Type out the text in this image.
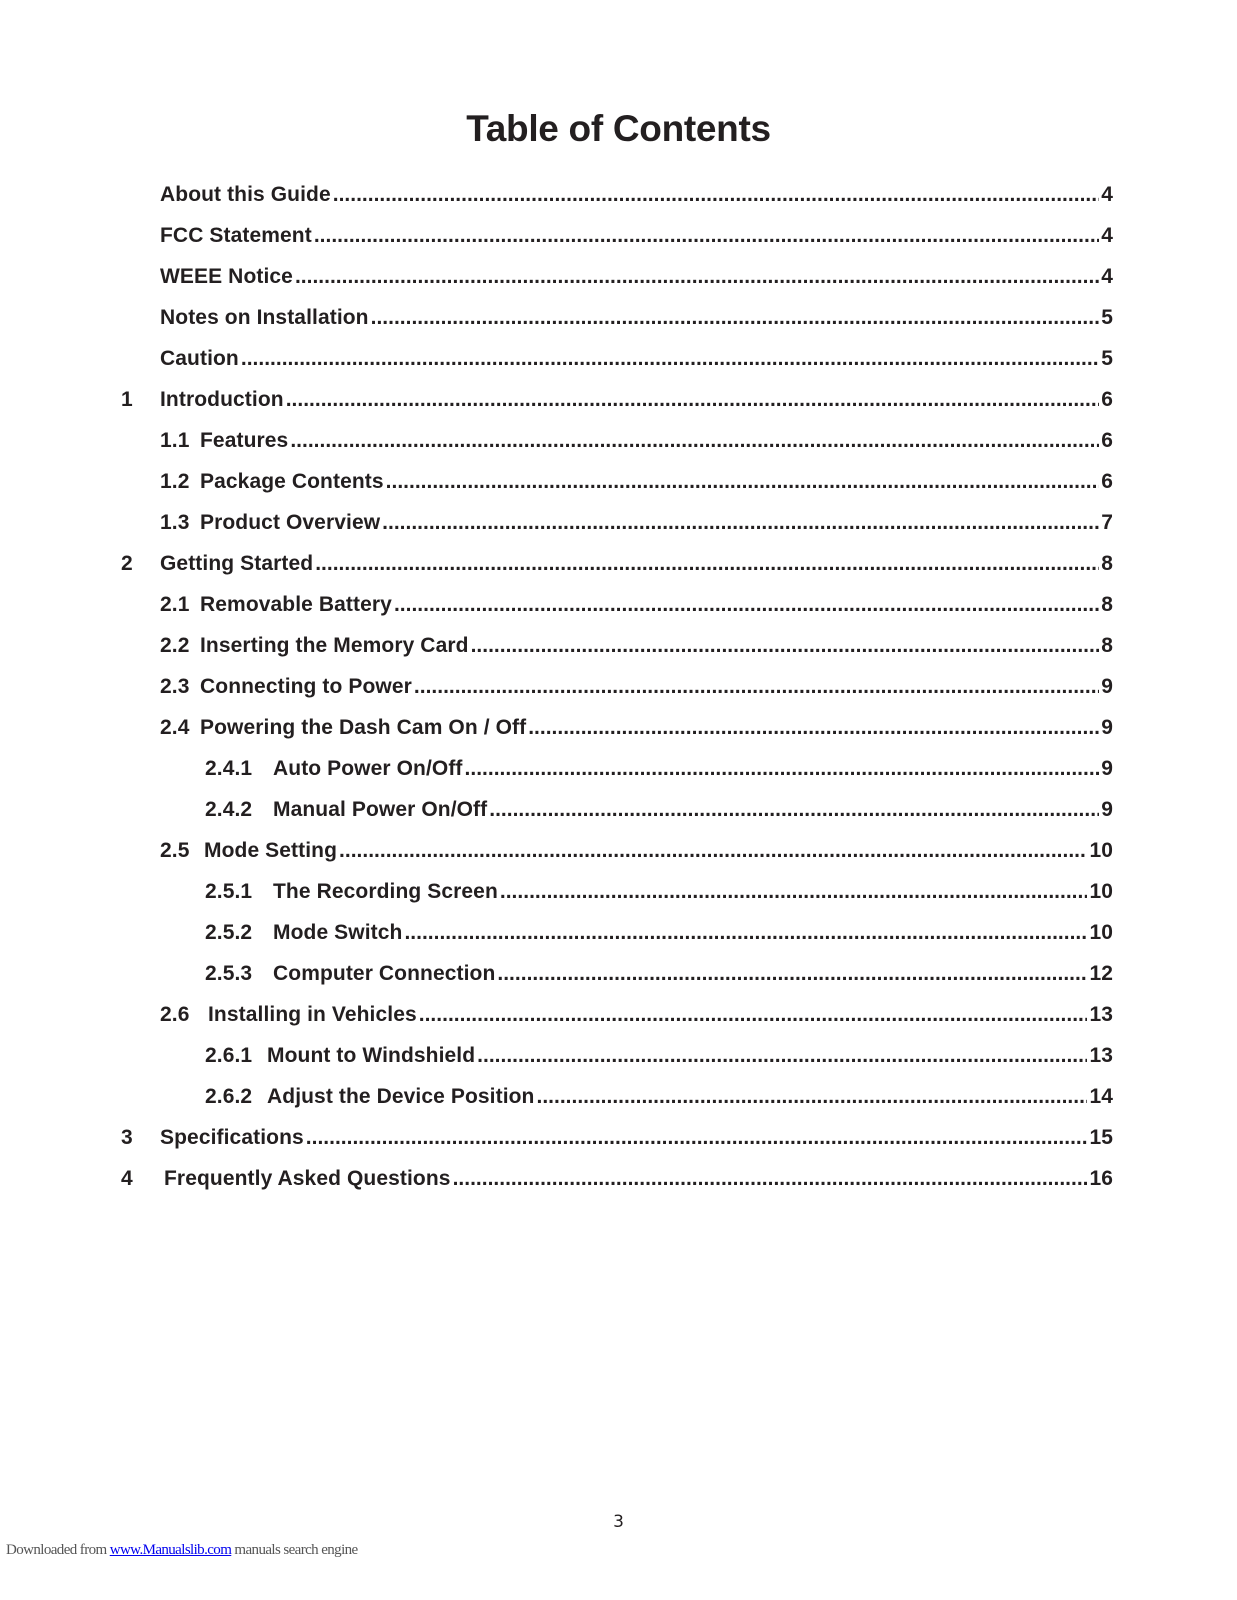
Table of Contents
About this Guide .....	4
FCC Statement .....	4
WEEE Notice .....	4
Notes on Installation .....	5
Caution .....	5
1 Introduction .....	6
1.1 Features .....	6
1.2 Package Contents .....	6
1.3 Product Overview .....	7
2 Getting Started .....	8
2.1 Removable Battery .....	8
2.2 Inserting the Memory Card .....	8
2.3 Connecting to Power .....	9
2.4 Powering the Dash Cam On / Off .....	9
2.4.1 Auto Power On/Off .....	9
2.4.2 Manual Power On/Off .....	9
2.5 Mode Setting .....	10
2.5.1 The Recording Screen .....	10
2.5.2 Mode Switch .....	10
2.5.3 Computer Connection .....	12
2.6 Installing in Vehicles .....	13
2.6.1 Mount to Windshield .....	13
2.6.2 Adjust the Device Position .....	14
3 Specifications .....	15
4 Frequently Asked Questions .....	16
3
Downloaded from www.Manualslib.com manuals search engine
